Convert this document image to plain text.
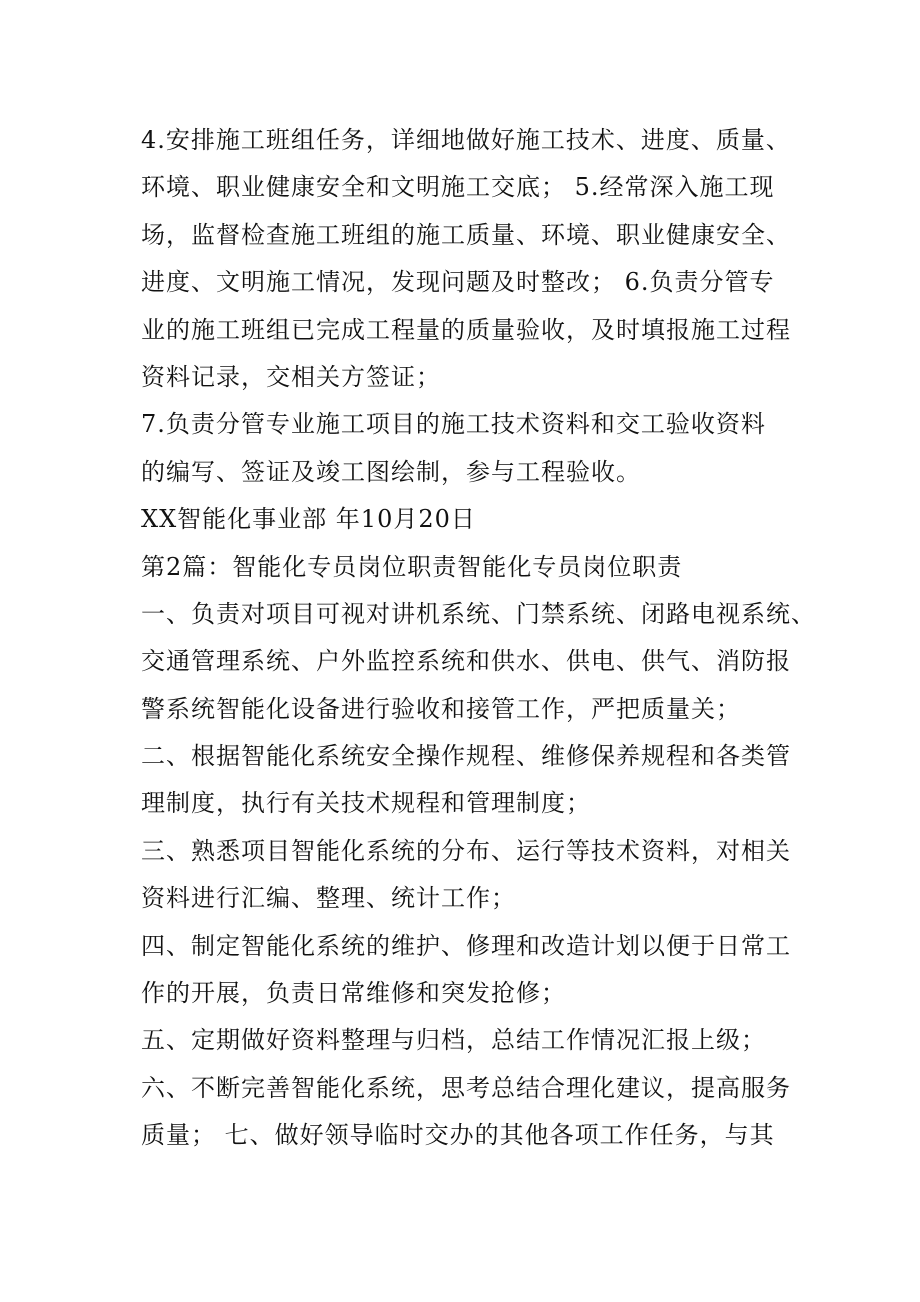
4.安排施工班组任务，详细地做好施工技术、进度、质量、
环境、职业健康安全和文明施工交底； 5.经常深入施工现
场，监督检查施工班组的施工质量、环境、职业健康安全、
进度、文明施工情况，发现问题及时整改； 6.负责分管专
业的施工班组已完成工程量的质量验收，及时填报施工过程
资料记录，交相关方签证；
7.负责分管专业施工项目的施工技术资料和交工验收资料
的编写、签证及竣工图绘制，参与工程验收。
XX智能化事业部 年10月20日
第2篇：智能化专员岗位职责智能化专员岗位职责
一、负责对项目可视对讲机系统、门禁系统、闭路电视系统、
交通管理系统、户外监控系统和供水、供电、供气、消防报
警系统智能化设备进行验收和接管工作，严把质量关；
二、根据智能化系统安全操作规程、维修保养规程和各类管
理制度，执行有关技术规程和管理制度；
三、熟悉项目智能化系统的分布、运行等技术资料，对相关
资料进行汇编、整理、统计工作；
四、制定智能化系统的维护、修理和改造计划以便于日常工
作的开展，负责日常维修和突发抢修；
五、定期做好资料整理与归档，总结工作情况汇报上级；
六、不断完善智能化系统，思考总结合理化建议，提高服务
质量； 七、做好领导临时交办的其他各项工作任务，与其
